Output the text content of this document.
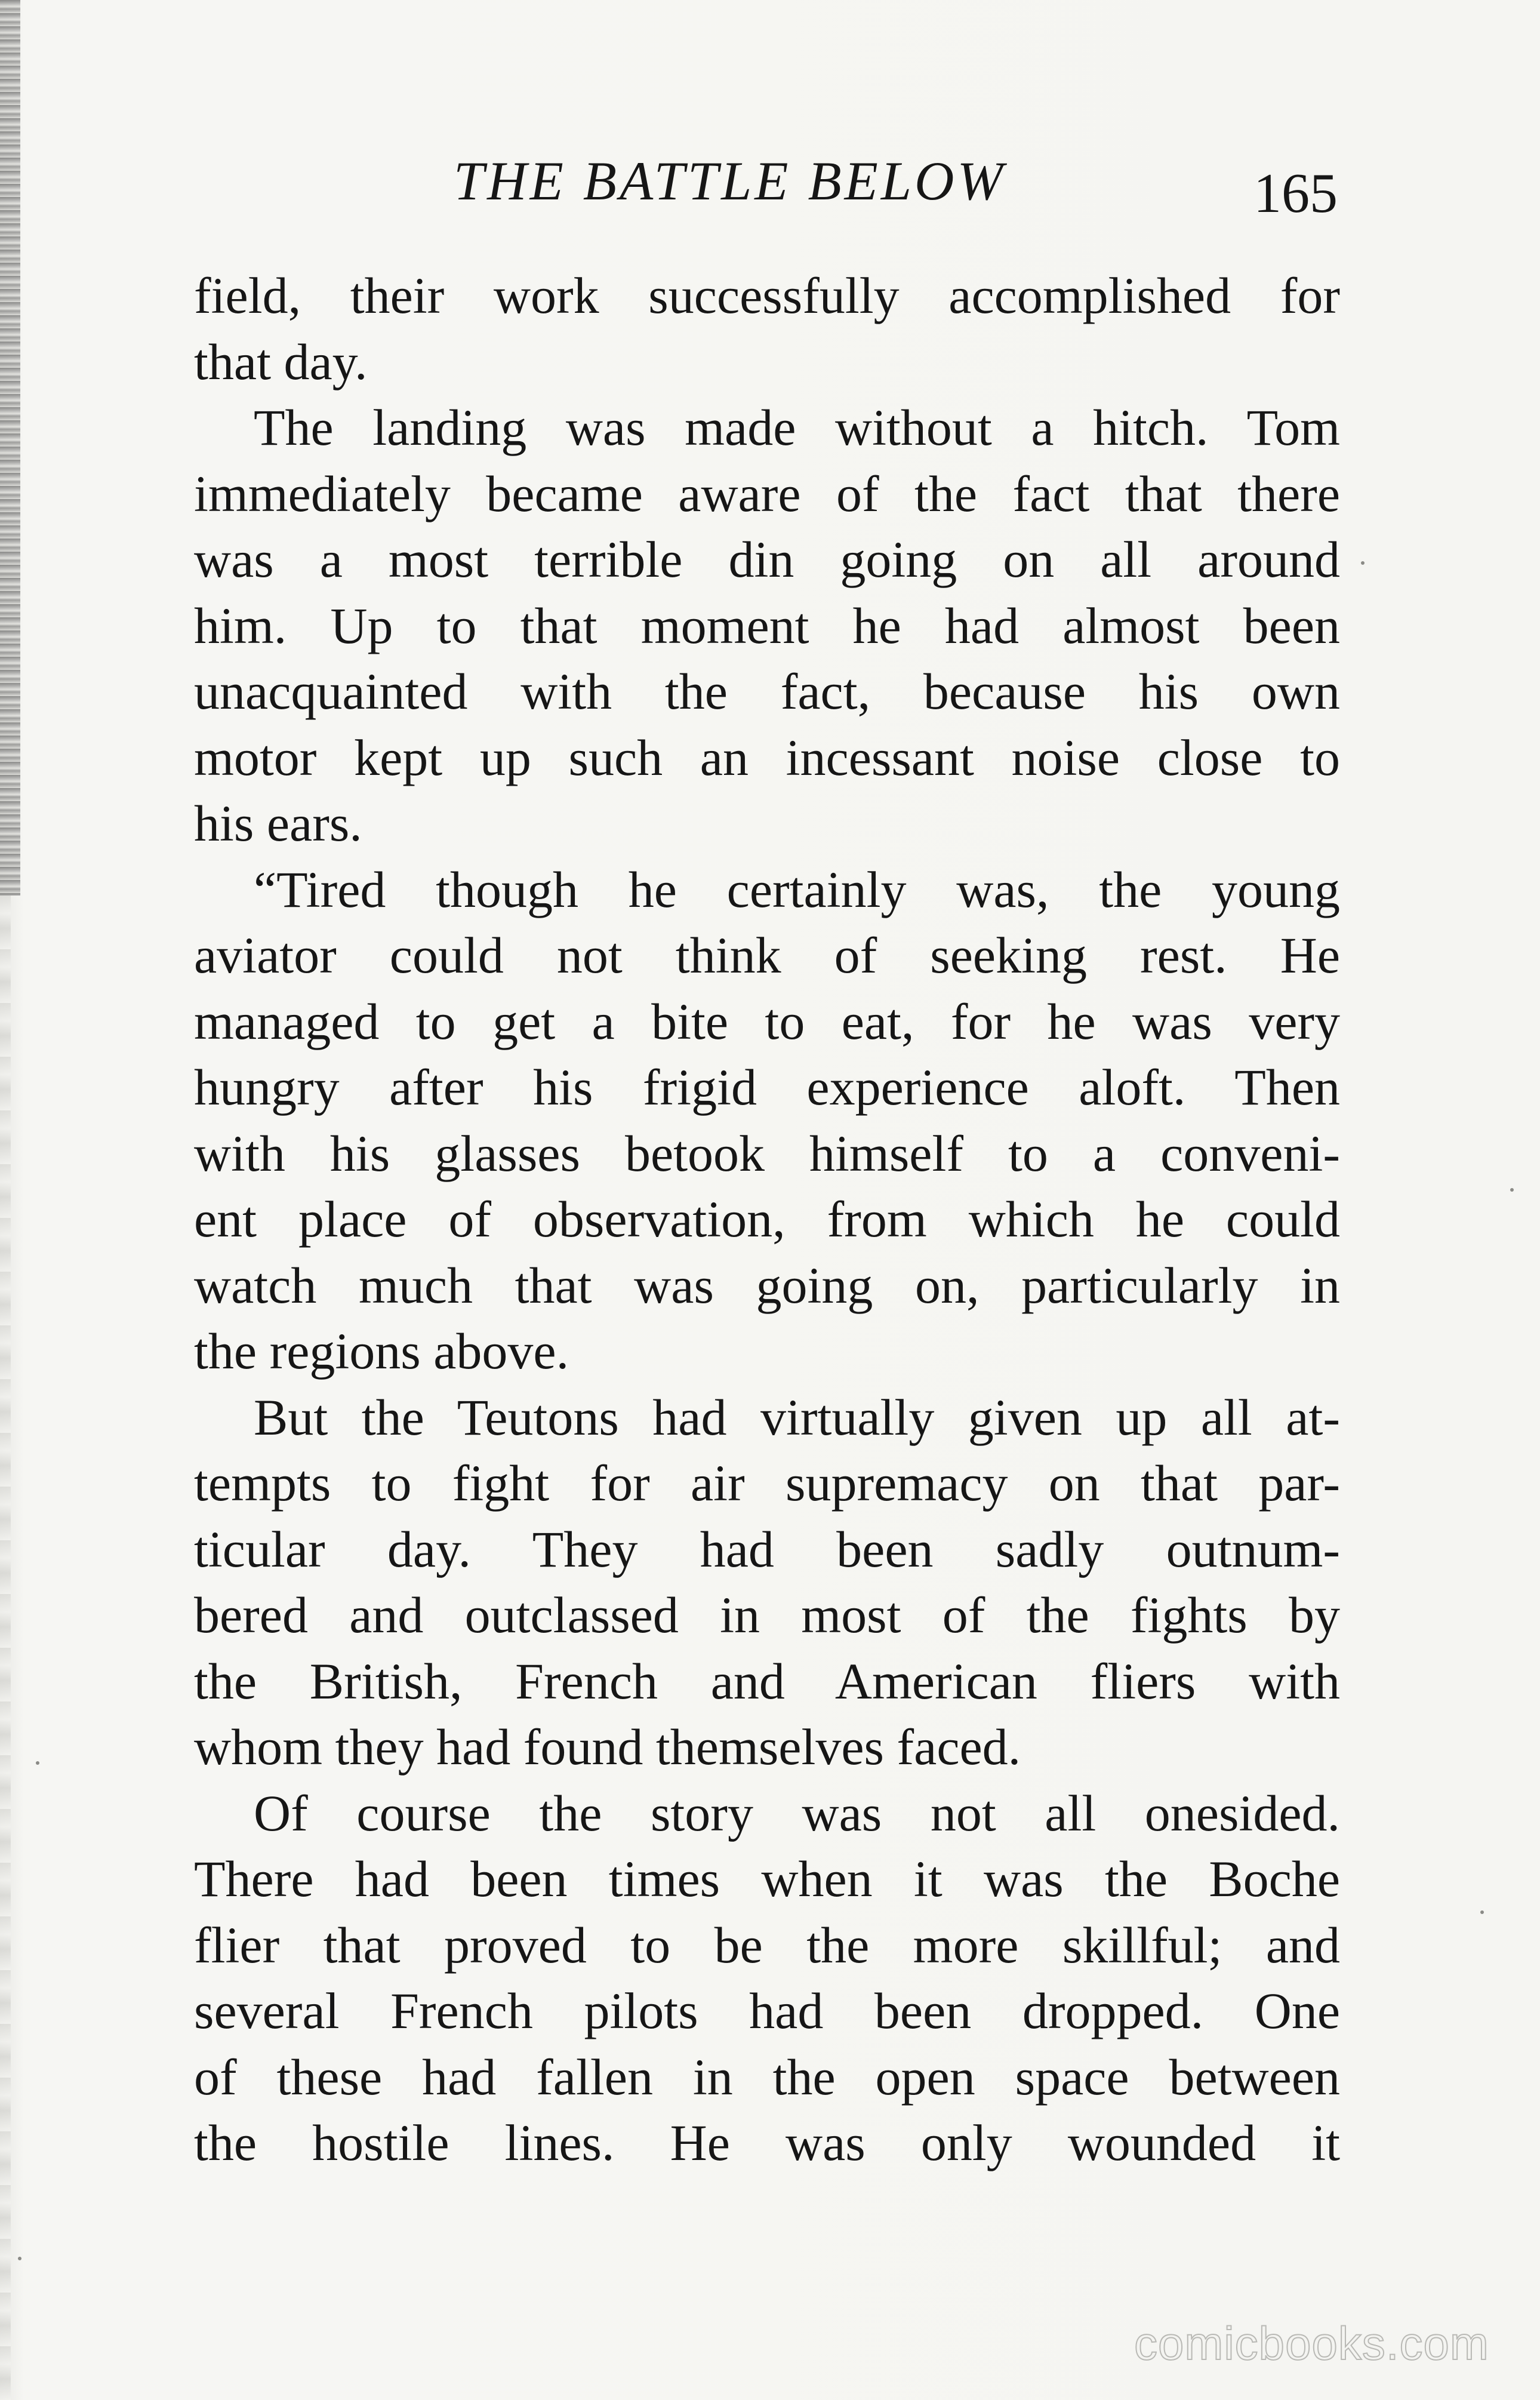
THE BATTLE BELOW	165
field, their work successfully accomplished for
that day.
The landing was made without a hitch. Tom
immediately became aware of the fact that there
was a most terrible din going on all around
him. Up to that moment he had almost been
unacquainted with the fact, because his own
motor kept up such an incessant noise close to
his ears.
“Tired though he certainly was, the young
aviator could not think of seeking rest. He
managed to get a bite to eat, for he was very
hungry after his frigid experience aloft. Then
with his glasses betook himself to a conveni-
ent place of observation, from which he could
watch much that was going on, particularly in
the regions above.
But the Teutons had virtually given up all at-
tempts to fight for air supremacy on that par-
ticular day. They had been sadly outnum-
bered and outclassed in most of the fights by
the British, French and American fliers with
whom they had found themselves faced.
Of course the story was not all onesided.
There had been times when it was the Boche
flier that proved to be the more skillful; and
several French pilots had been dropped. One
of these had fallen in the open space between
the hostile lines. He was only wounded it
comicbooks.com
